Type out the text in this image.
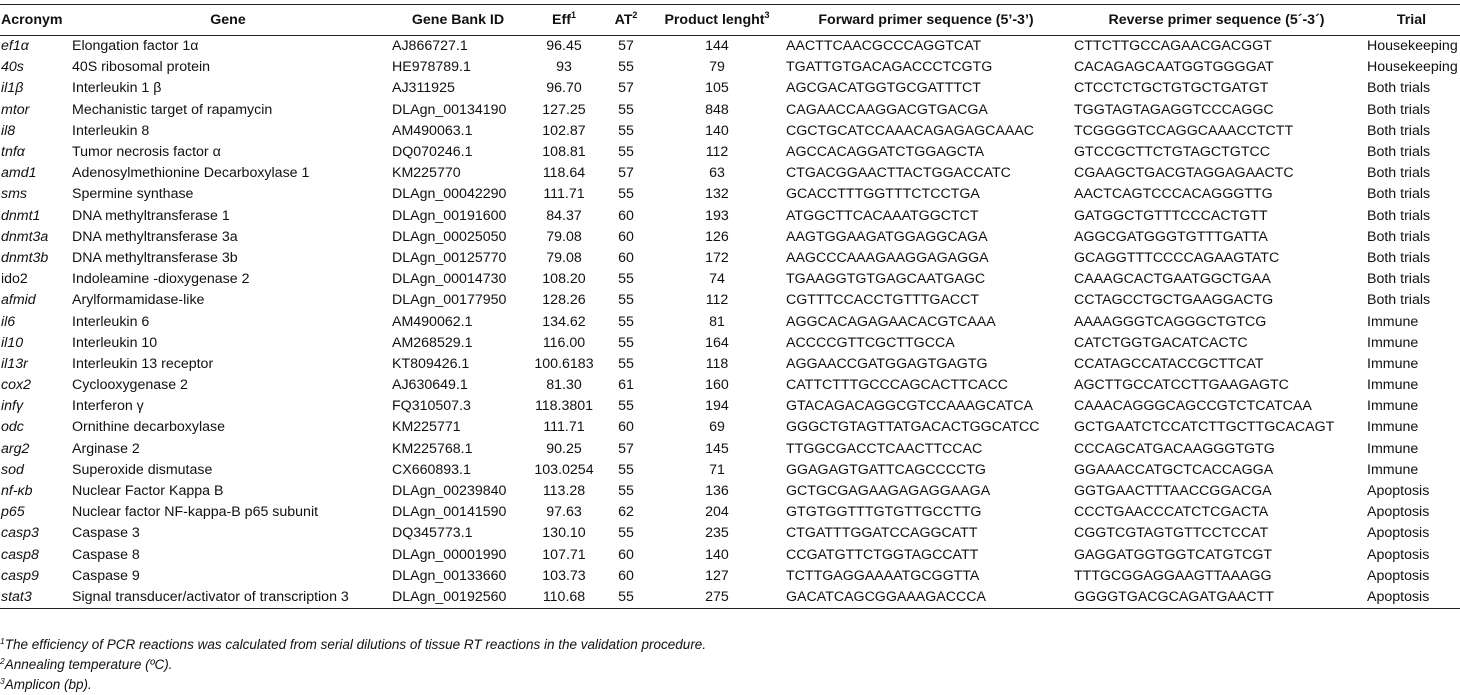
Acronym	Gene	Gene Bank ID	Eff$^1$	$AT^2$	Product lenght$^3$	Forward primer sequence (5’-3’)	Reverse primer sequence (5´-3´)	Trial
ef1α	Elongation factor 1α	AJ866727.1	96.45	57	144	AACTTCAACGCCCAGGTCAT	CTTCTTGCCAGAACGACGGT	Housekeeping
40s	40S ribosomal protein	HE978789.1	93	55	79	TGATTGTGACAGACCCTCGTG	CACAGAGCAATGGTGGGGAT	Housekeeping
il1β	Interleukin 1 β	AJ311925	96.70	57	105	AGCGACATGGTGCGATTTCT	CTCCTCTGCTGTGCTGATGT	Both trials
mtor	Mechanistic target of rapamycin	DLAgn_00134190	127.25	55	848	CAGAACCAAGGACGTGACGA	TGGTAGTAGAGGTCCCAGGC	Both trials
il8	Interleukin 8	AM490063.1	102.87	55	140	CGCTGCATCCAAACAGAGAGCAAAC	TCGGGGTCCAGGCAAACCTCTT	Both trials
tnfα	Tumor necrosis factor α	DQ070246.1	108.81	55	112	AGCCACAGGATCTGGAGCTA	GTCCGCTTCTGTAGCTGTCC	Both trials
amd1	Adenosylmethionine Decarboxylase 1	KM225770	118.64	57	63	CTGACGGAACTTACTGGACCATC	CGAAGCTGACGTAGGAGAACTC	Both trials
sms	Spermine synthase	DLAgn_00042290	111.71	55	132	GCACCTTTGGTTTCTCCTGA	AACTCAGTCCCACAGGGTTG	Both trials
dnmt1	DNA methyltransferase 1	DLAgn_00191600	84.37	60	193	ATGGCTTCACAAATGGCTCT	GATGGCTGTTTCCCACTGTT	Both trials
dnmt3a	DNA methyltransferase 3a	DLAgn_00025050	79.08	60	126	AAGTGGAAGATGGAGGCAGA	AGGCGATGGGTGTTTGATTA	Both trials
dnmt3b	DNA methyltransferase 3b	DLAgn_00125770	79.08	60	172	AAGCCCAAAGAAGGAGAGGA	GCAGGTTTCCCCAGAAGTATC	Both trials
ido2	Indoleamine -dioxygenase 2	DLAgn_00014730	108.20	55	74	TGAAGGTGTGAGCAATGAGC	CAAAGCACTGAATGGCTGAA	Both trials
afmid	Arylformamidase-like	DLAgn_00177950	128.26	55	112	CGTTTCCACCTGTTTGACCT	CCTAGCCTGCTGAAGGACTG	Both trials
il6	Interleukin 6	AM490062.1	134.62	55	81	AGGCACAGAGAACACGTCAAA	AAAAGGGTCAGGGCTGTCG	Immune
il10	Interleukin 10	AM268529.1	116.00	55	164	ACCCCGTTCGCTTGCCA	CATCTGGTGACATCACTC	Immune
il13r	Interleukin 13 receptor	KT809426.1	100.6183	55	118	AGGAACCGATGGAGTGAGTG	CCATAGCCATACCGCTTCAT	Immune
cox2	Cyclooxygenase 2	AJ630649.1	81.30	61	160	CATTCTTTGCCCAGCACTTCACC	AGCTTGCCATCCTTGAAGAGTC	Immune
infγ	Interferon γ	FQ310507.3	118.3801	55	194	GTACAGACAGGCGTCCAAAGCATCA	CAAACAGGGCAGCCGTCTCATCAA	Immune
odc	Ornithine decarboxylase	KM225771	111.71	60	69	GGGCTGTAGTTATGACACTGGCATCC	GCTGAATCTCCATCTTGCTTGCACAGT	Immune
arg2	Arginase 2	KM225768.1	90.25	57	145	TTGGCGACCTCAACTTCCAC	CCCAGCATGACAAGGGTGTG	Immune
sod	Superoxide dismutase	CX660893.1	103.0254	55	71	GGAGAGTGATTCAGCCCCTG	GGAAACCATGCTCACCAGGA	Immune
nf-κb	Nuclear Factor Kappa B	DLAgn_00239840	113.28	55	136	GCTGCGAGAAGAGAGGAAGA	GGTGAACTTTAACCGGACGA	Apoptosis
p65	Nuclear factor NF-kappa-B p65 subunit	DLAgn_00141590	97.63	62	204	GTGTGGTTTGTGTTGCCTTG	CCCTGAACCCATCTCGACTA	Apoptosis
casp3	Caspase 3	DQ345773.1	130.10	55	235	CTGATTTGGATCCAGGCATT	CGGTCGTAGTGTTCCTCCAT	Apoptosis
casp8	Caspase 8	DLAgn_00001990	107.71	60	140	CCGATGTTCTGGTAGCCATT	GAGGATGGTGGTCATGTCGT	Apoptosis
casp9	Caspase 9	DLAgn_00133660	103.73	60	127	TCTTGAGGAAAATGCGGTTA	TTTGCGGAGGAAGTTAAAGG	Apoptosis
stat3	Signal transducer/activator of transcription 3	DLAgn_00192560	110.68	55	275	GACATCAGCGGAAAGACCCA	GGGGTGACGCAGATGAACTT	Apoptosis
$^1$The efficiency of PCR reactions was calculated from serial dilutions of tissue RT reactions in the validation procedure.
$^2$Annealing temperature (ºC).
$^3$Amplicon (bp).
